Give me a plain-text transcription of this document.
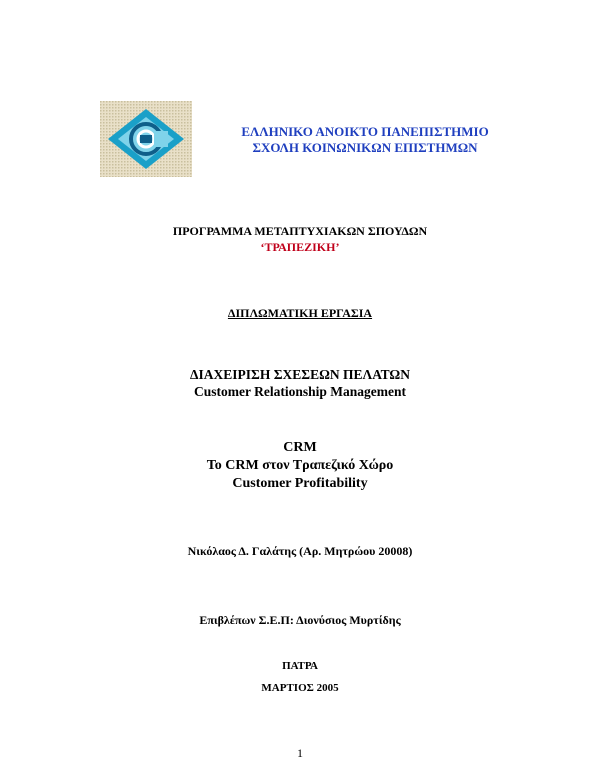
ΕΛΛΗΝΙΚΟ ΑΝΟΙΚΤΟ ΠΑΝΕΠΙΣΤΗΜΙΟ
ΣΧΟΛΗ ΚΟΙΝΩΝΙΚΩΝ ΕΠΙΣΤΗΜΩΝ
ΠΡΟΓΡΑΜΜΑ ΜΕΤΑΠΤΥΧΙΑΚΩΝ ΣΠΟΥΔΩΝ
‘ΤΡΑΠΕΖΙΚΗ’
ΔΙΠΛΩΜΑΤΙΚΗ ΕΡΓΑΣΙΑ
ΔΙΑΧΕΙΡΙΣΗ ΣΧΕΣΕΩΝ ΠΕΛΑΤΩΝ
Customer Relationship Management
CRM
Το CRM στον Τραπεζικό Χώρο
Customer Profitability
Νικόλαος Δ. Γαλάτης (Αρ. Μητρώου 20008)
Επιβλέπων Σ.Ε.Π: Διονύσιος Μυρτίδης
ΠΑΤΡΑ
ΜΑΡΤΙΟΣ 2005
1
